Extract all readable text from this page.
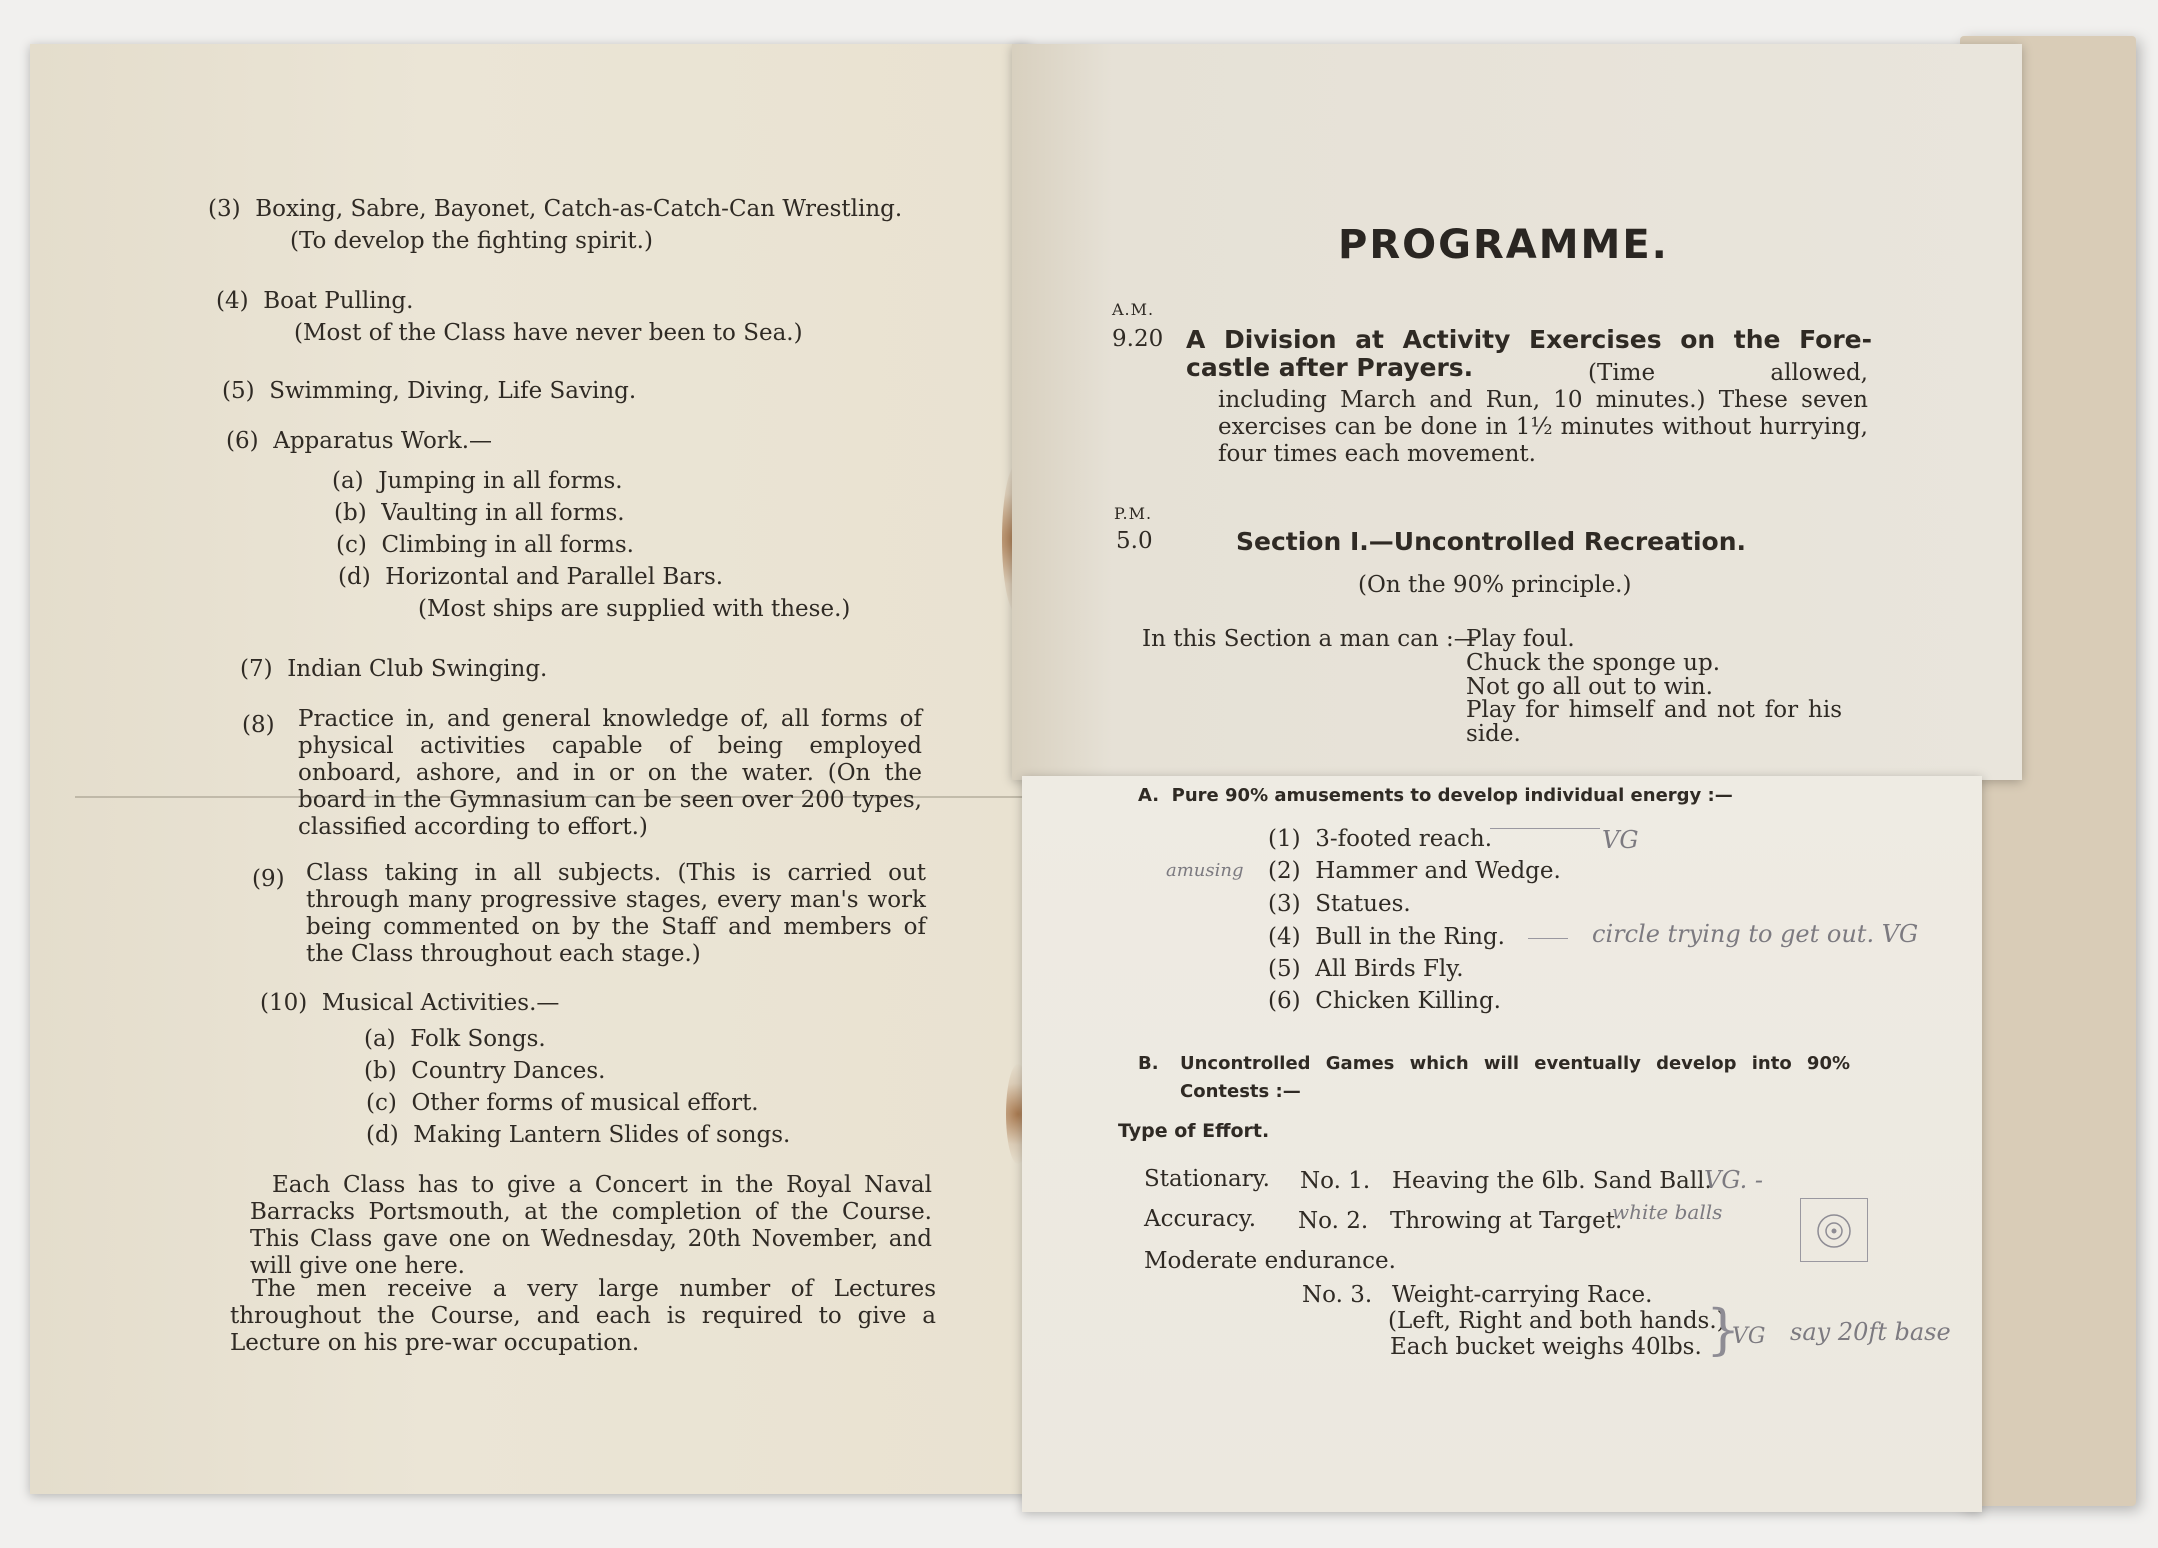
(3) Boxing, Sabre, Bayonet, Catch-as-Catch-Can Wrestling.
(To develop the fighting spirit.)
(4) Boat Pulling.
(Most of the Class have never been to Sea.)
(5) Swimming, Diving, Life Saving.
(6) Apparatus Work.—
(a) Jumping in all forms.
(b) Vaulting in all forms.
(c) Climbing in all forms.
(d) Horizontal and Parallel Bars.
(Most ships are supplied with these.)
(7) Indian Club Swinging.
(8) Practice in, and general knowledge of, all forms of physical activities capable of being employed onboard, ashore, and in or on the water. (On the board in the Gymnasium can be seen over 200 types, classified according to effort.)
(9) Class taking in all subjects. (This is carried out through many progressive stages, every man's work being commented on by the Staff and members of the Class throughout each stage.)
(10) Musical Activities.—
(a) Folk Songs.
(b) Country Dances.
(c) Other forms of musical effort.
(d) Making Lantern Slides of songs.
Each Class has to give a Concert in the Royal Naval Barracks Portsmouth, at the completion of the Course. This Class gave one on Wednesday, 20th November, and will give one here.
The men receive a very large number of Lectures throughout the Course, and each is required to give a Lecture on his pre-war occupation.
PROGRAMME.
A.M.
9.20 A Division at Activity Exercises on the Fore-castle after Prayers.	(Time allowed, including March and Run, 10 minutes.) These seven exercises can be done in 1½ minutes without hurrying, four times each movement.
P.M.
5.0	Section I.—Uncontrolled Recreation.
(On the 90% principle.)
In this Section a man can :—
Play foul.
Chuck the sponge up.
Not go all out to win.
Play for himself and not for his side.
A. Pure 90% amusements to develop individual energy :—
(1) 3-footed reach.
(2) Hammer and Wedge.
(3) Statues.
(4) Bull in the Ring.
(5) All Birds Fly.
(6) Chicken Killing.
B. Uncontrolled Games which will eventually develop into 90% Contests :—
Type of Effort.
Stationary. No. 1. Heaving the 6lb. Sand Ball.
Accuracy. No. 2. Throwing at Target.
Moderate endurance.
No. 3. Weight-carrying Race.
(Left, Right and both hands.)
Each bucket weighs 40lbs.
VG
amusing
circle trying to get out. VG
VG. -
white balls
}
VG say 20ft base
